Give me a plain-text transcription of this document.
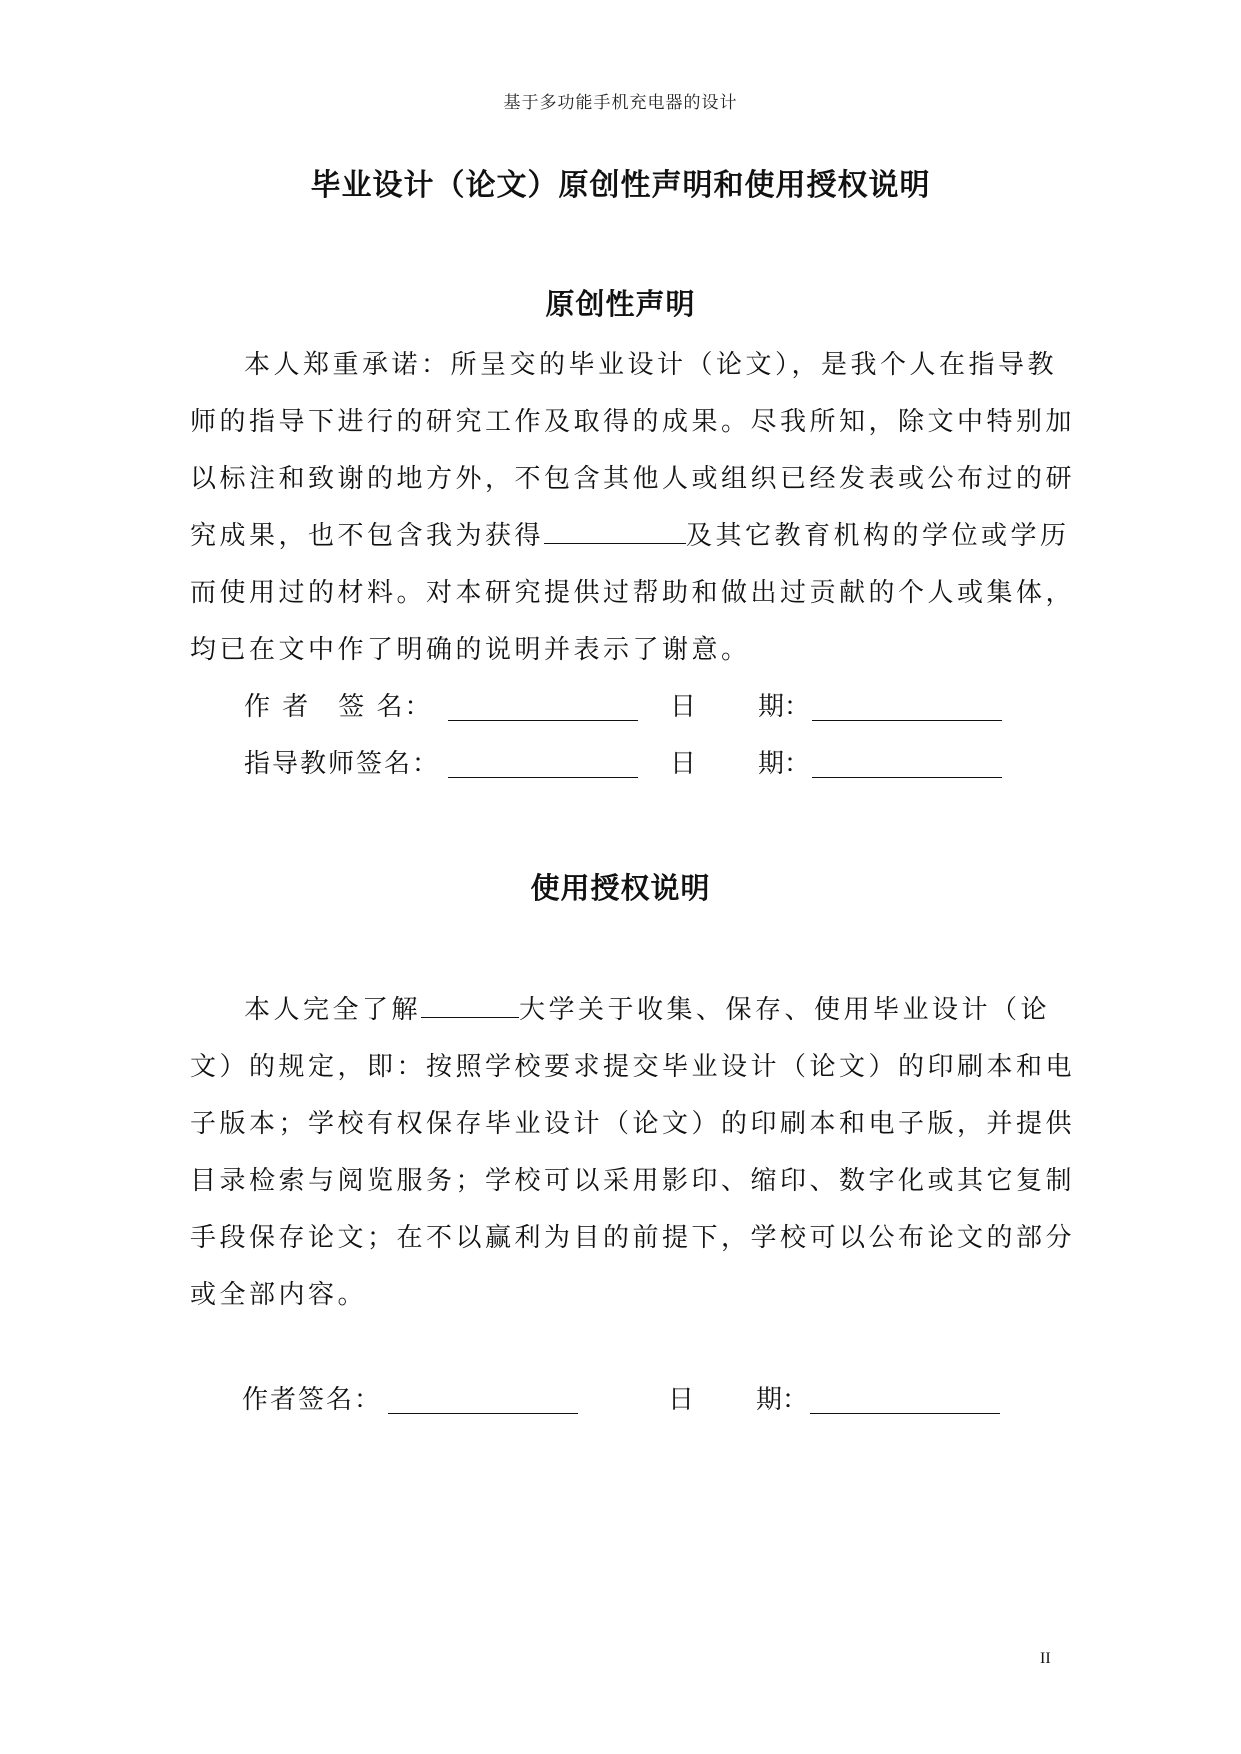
基于多功能手机充电器的设计
毕业设计（论文）原创性声明和使用授权说明
原创性声明
本人郑重承诺：所呈交的毕业设计（论文），是我个人在指导教
师的指导下进行的研究工作及取得的成果。尽我所知，除文中特别加
以标注和致谢的地方外，不包含其他人或组织已经发表或公布过的研
究成果，也不包含我为获得	及其它教育机构的学位或学历
而使用过的材料。对本研究提供过帮助和做出过贡献的个人或集体，
均已在文中作了明确的说明并表示了谢意。
作 者　签 名：	日 期：
指导教师签名：	日 期：
使用授权说明
本人完全了解	大学关于收集、保存、使用毕业设计（论
文）的规定，即：按照学校要求提交毕业设计（论文）的印刷本和电
子版本；学校有权保存毕业设计（论文）的印刷本和电子版，并提供
目录检索与阅览服务；学校可以采用影印、缩印、数字化或其它复制
手段保存论文；在不以赢利为目的前提下，学校可以公布论文的部分
或全部内容。
作者签名：	日 期：
II
